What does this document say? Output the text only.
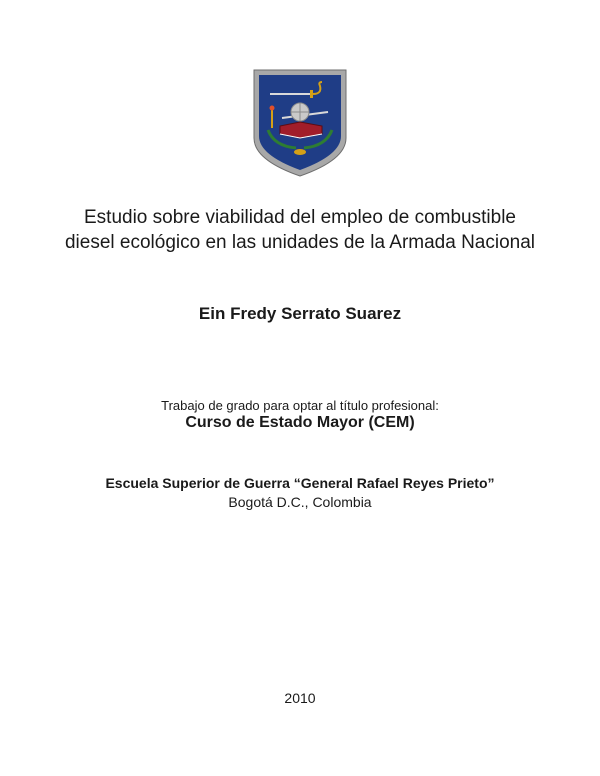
Estudio sobre viabilidad del empleo de combustible diesel ecológico en las unidades de la Armada Nacional
Ein Fredy Serrato Suarez
Trabajo de grado para optar al título profesional:
Curso de Estado Mayor (CEM)
Escuela Superior de Guerra “General Rafael Reyes Prieto”
Bogotá D.C., Colombia
2010
